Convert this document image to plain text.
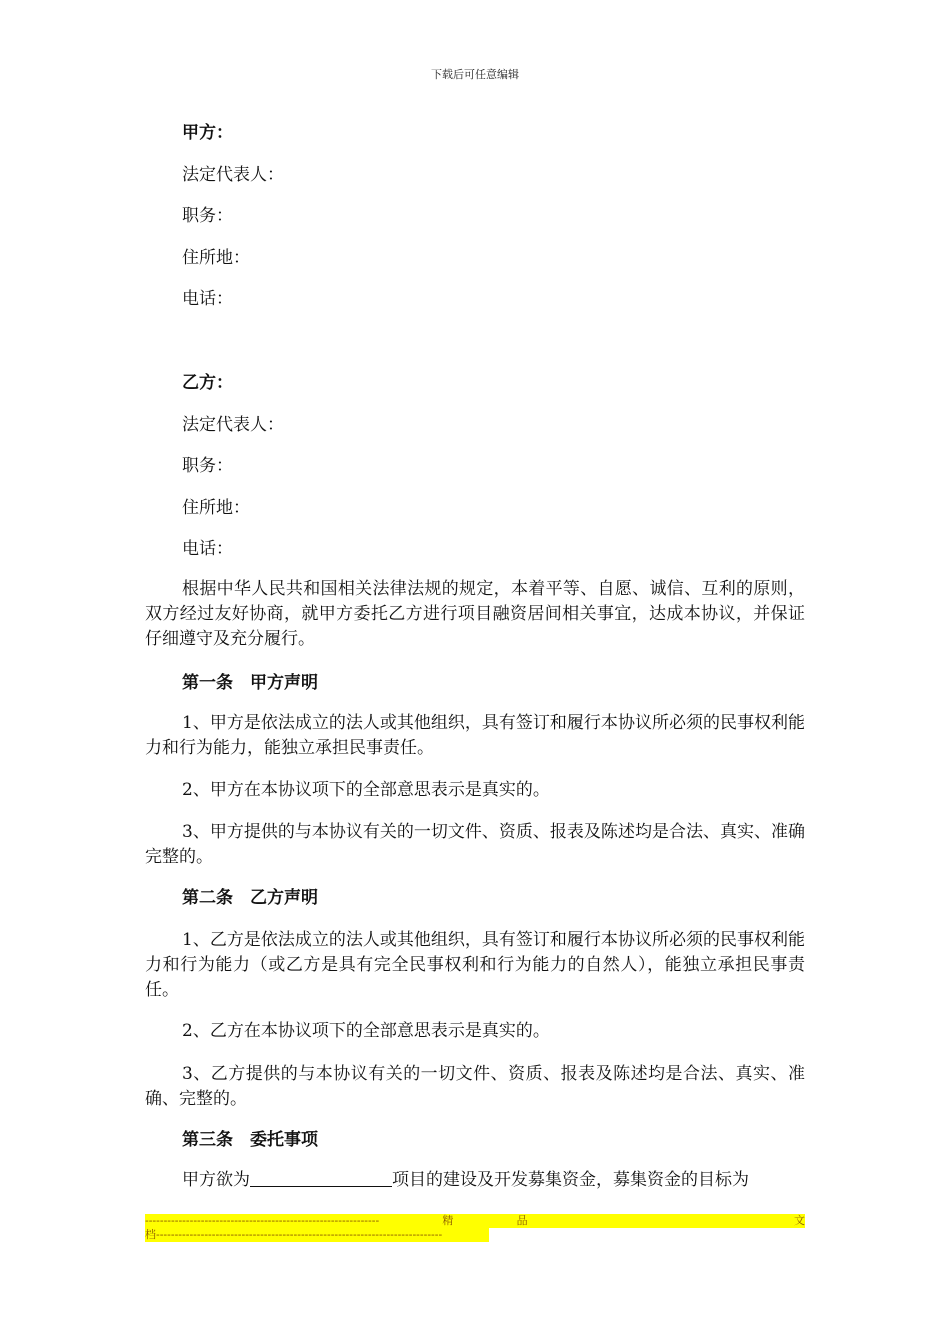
下载后可任意编辑
甲方：
法定代表人：
职务：
住所地：
电话：
乙方：
法定代表人：
职务：
住所地：
电话：
根据中华人民共和国相关法律法规的规定，本着平等、自愿、诚信、互利的原则，双方经过友好协商，就甲方委托乙方进行项目融资居间相关事宜，达成本协议，并保证仔细遵守及充分履行。
第一条　甲方声明
1、甲方是依法成立的法人或其他组织，具有签订和履行本协议所必须的民事权利能力和行为能力，能独立承担民事责任。
2、甲方在本协议项下的全部意思表示是真实的。
3、甲方提供的与本协议有关的一切文件、资质、报表及陈述均是合法、真实、准确完整的。
第二条　乙方声明
1、乙方是依法成立的法人或其他组织，具有签订和履行本协议所必须的民事权利能力和行为能力（或乙方是具有完全民事权利和行为能力的自然人），能独立承担民事责任。
2、乙方在本协议项下的全部意思表示是真实的。
3、乙方提供的与本协议有关的一切文件、资质、报表及陈述均是合法、真实、准确、完整的。
第三条　委托事项
甲方欲为	项目的建设及开发募集资金，募集资金的目标为
---------------------------------------------------------------	精	品	文
档-----------------------------------------------------------------------------
